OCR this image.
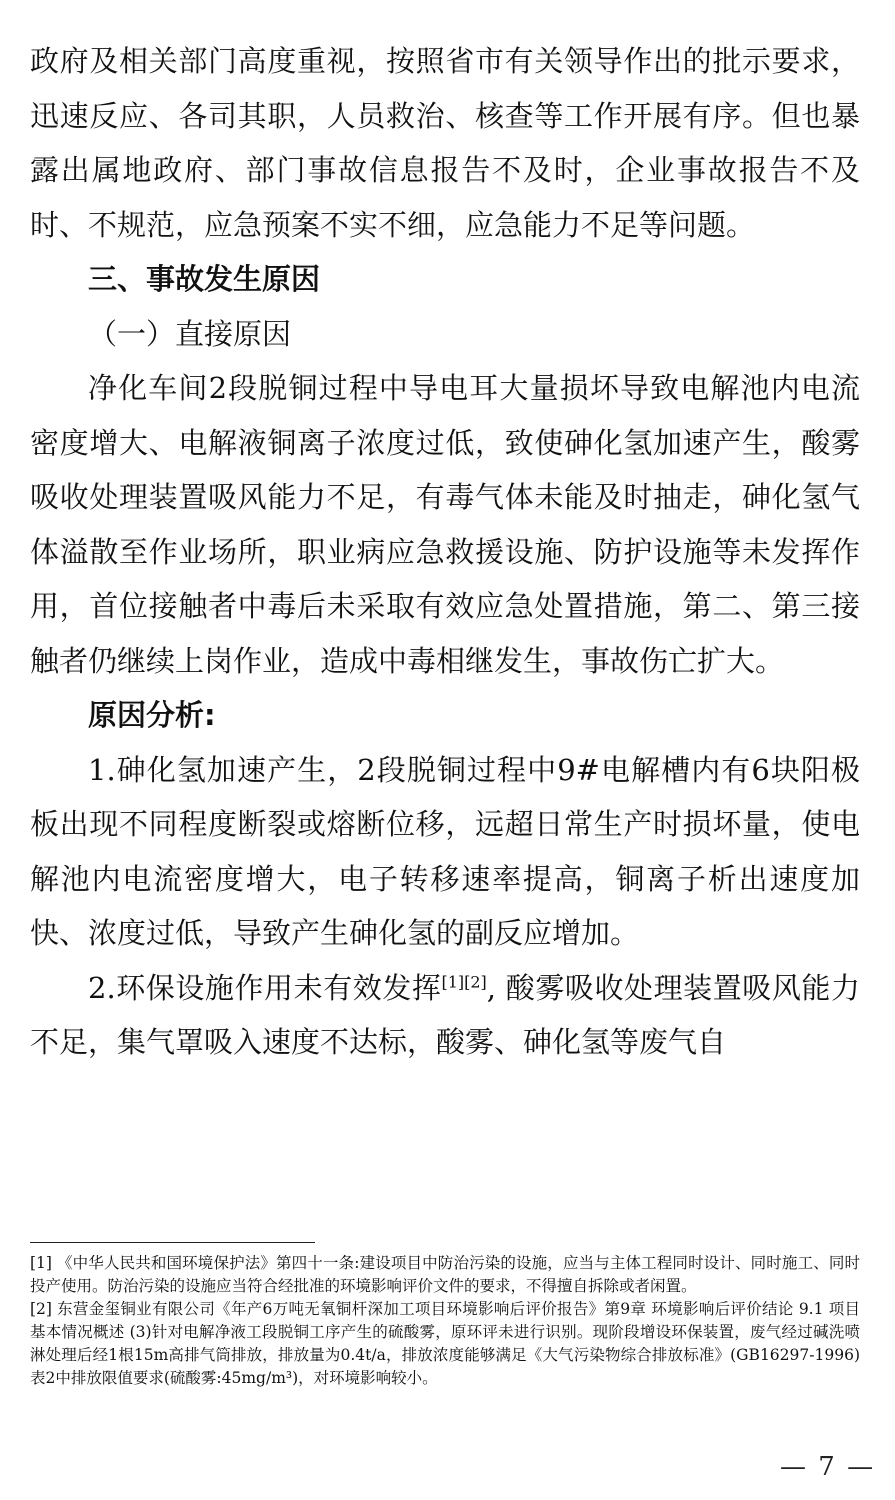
政府及相关部门高度重视，按照省市有关领导作出的批示要求，迅速反应、各司其职，人员救治、核查等工作开展有序。但也暴露出属地政府、部门事故信息报告不及时，企业事故报告不及时、不规范，应急预案不实不细，应急能力不足等问题。

三、事故发生原因

（一）直接原因

净化车间2段脱铜过程中导电耳大量损坏导致电解池内电流密度增大、电解液铜离子浓度过低，致使砷化氢加速产生，酸雾吸收处理装置吸风能力不足，有毒气体未能及时抽走，砷化氢气体溢散至作业场所，职业病应急救援设施、防护设施等未发挥作用，首位接触者中毒后未采取有效应急处置措施，第二、第三接触者仍继续上岗作业，造成中毒相继发生，事故伤亡扩大。

原因分析:

1.砷化氢加速产生，2段脱铜过程中9#电解槽内有6块阳极板出现不同程度断裂或熔断位移，远超日常生产时损坏量，使电解池内电流密度增大，电子转移速率提高，铜离子析出速度加快、浓度过低，导致产生砷化氢的副反应增加。

2.环保设施作用未有效发挥[1][2], 酸雾吸收处理装置吸风能力不足，集气罩吸入速度不达标，酸雾、砷化氢等废气自

[1] 《中华人民共和国环境保护法》第四十一条:建设项目中防治污染的设施，应当与主体工程同时设计、同时施工、同时投产使用。防治污染的设施应当符合经批准的环境影响评价文件的要求，不得擅自拆除或者闲置。

[2] 东营金玺铜业有限公司《年产6万吨无氧铜杆深加工项目环境影响后评价报告》第9章 环境影响后评价结论 9.1 项目基本情况概述 (3)针对电解净液工段脱铜工序产生的硫酸雾，原环评未进行识别。现阶段增设环保装置，废气经过碱洗喷淋处理后经1根15m高排气筒排放，排放量为0.4t/a，排放浓度能够满足《大气污染物综合排放标准》(GB16297-1996)表2中排放限值要求(硫酸雾:45mg/m³)，对环境影响较小。

— 7 —
